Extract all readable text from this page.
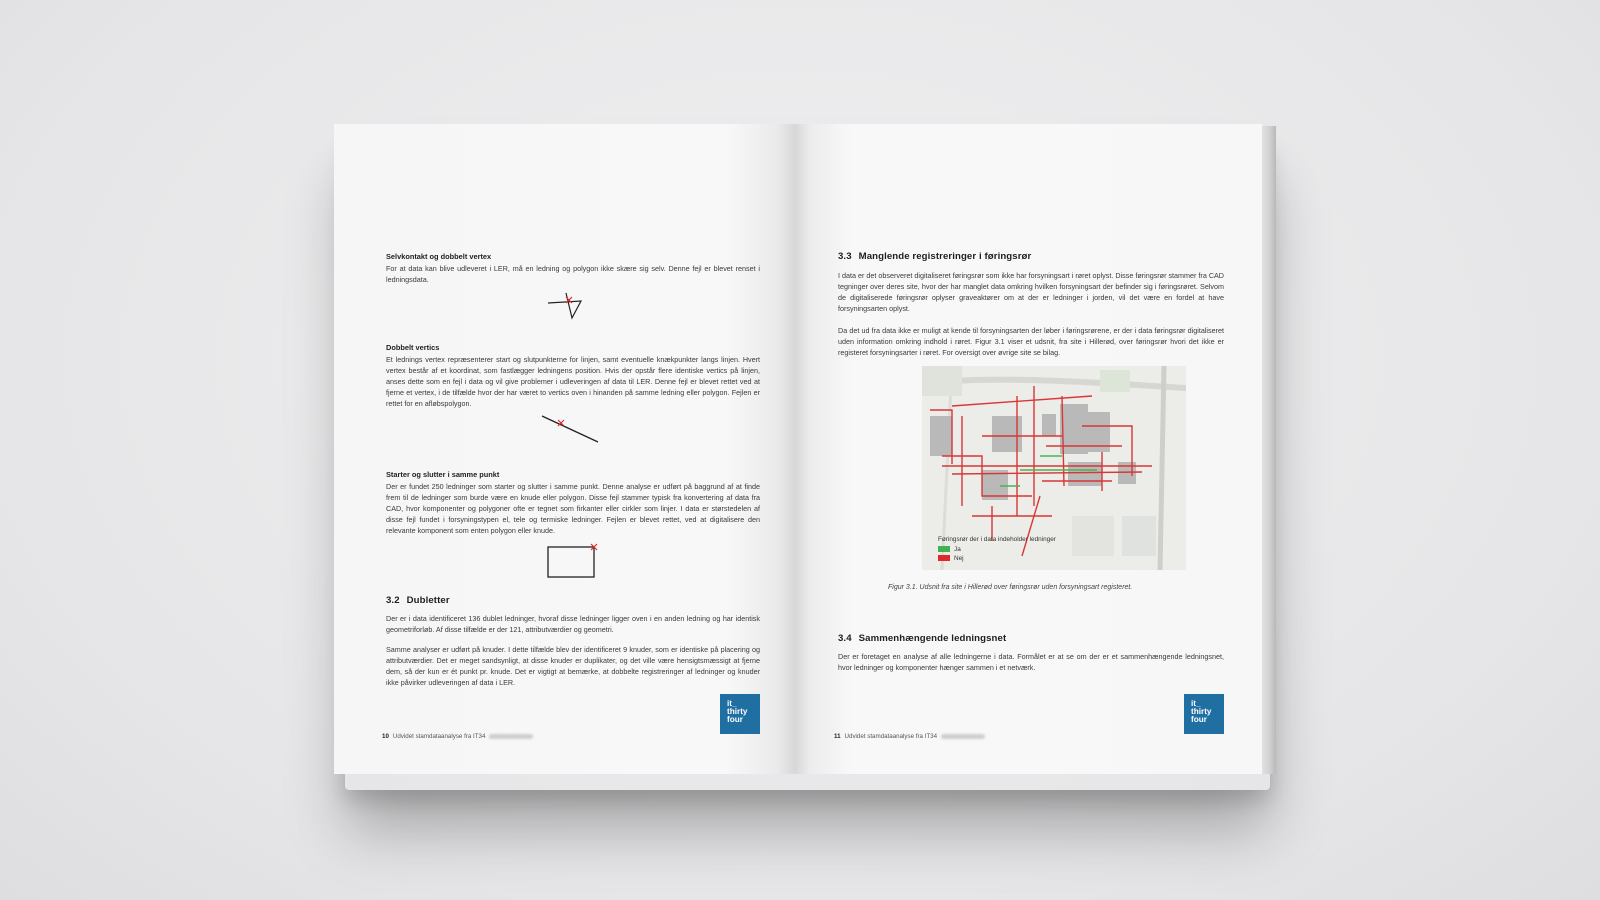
Selvkontakt og dobbelt vertex

For at data kan blive udleveret i LER, må en ledning og polygon ikke skære sig selv. Denne fejl er blevet renset i ledningsdata.

Dobbelt vertics

Et lednings vertex repræsenterer start og slutpunkterne for linjen, samt eventuelle knækpunkter langs linjen. Hvert vertex består af et koordinat, som fastlægger ledningens position. Hvis der opstår flere identiske vertics på linjen, anses dette som en fejl i data og vil give problemer i udleveringen af data til LER. Denne fejl er blevet rettet ved at fjerne et vertex, i de tilfælde hvor der har været to vertics oven i hinanden på samme ledning eller polygon. Fejlen er rettet for en afløbspolygon.

Starter og slutter i samme punkt

Der er fundet 250 ledninger som starter og slutter i samme punkt. Denne analyse er udført på baggrund af at finde frem til de ledninger som burde være en knude eller polygon. Disse fejl stammer typisk fra konvertering af data fra CAD, hvor komponenter og polygoner ofte er tegnet som firkanter eller cirkler som linjer. I data er størstedelen af disse fejl fundet i forsyningstypen el, tele og termiske ledninger. Fejlen er blevet rettet, ved at digitalisere den relevante komponent som enten polygon eller knude.

3.2 Dubletter

Der er i data identificeret 136 dublet ledninger, hvoraf disse ledninger ligger oven i en anden ledning og har identisk geometriforløb. Af disse tilfælde er der 121, attributværdier og geometri.

Samme analyser er udført på knuder. I dette tilfælde blev der identificeret 9 knuder, som er identiske på placering og attributværdier. Det er meget sandsynligt, at disse knuder er duplikater, og det ville være hensigtsmæssigt at fjerne dem, så der kun er ét punkt pr. knude. Det er vigtigt at bemærke, at dobbelte registreringer af ledninger og knuder ikke påvirker udleveringen af data i LER.

it_
thirty
four
10 Udvidet stamdataanalyse fra IT34
3.3 Manglende registreringer i føringsrør

I data er det observeret digitaliseret føringsrør som ikke har forsyningsart i røret oplyst. Disse føringsrør stammer fra CAD tegninger over deres site, hvor der har manglet data omkring hvilken forsyningsart der befinder sig i føringsrøret. Selvom de digitaliserede føringsrør oplyser graveaktører om at der er ledninger i jorden, vil det være en fordel at have forsyningsarten oplyst.

Da det ud fra data ikke er muligt at kende til forsyningsarten der løber i føringsrørene, er der i data føringsrør digitaliseret uden information omkring indhold i røret. Figur 3.1 viser et udsnit, fra site i Hillerød, over føringsrør hvori det ikke er registeret forsyningsarter i røret. For oversigt over øvrige site se bilag.

Føringsrør der i data indeholder ledninger
Ja
Nej
Figur 3.1. Udsnit fra site i Hillerød over føringsrør uden forsyningsart registeret.
3.4 Sammenhængende ledningsnet

Der er foretaget en analyse af alle ledningerne i data. Formålet er at se om der er et sammenhængende ledningsnet, hvor ledninger og komponenter hænger sammen i et netværk.

it_
thirty
four
11 Udvidet stamdataanalyse fra IT34
